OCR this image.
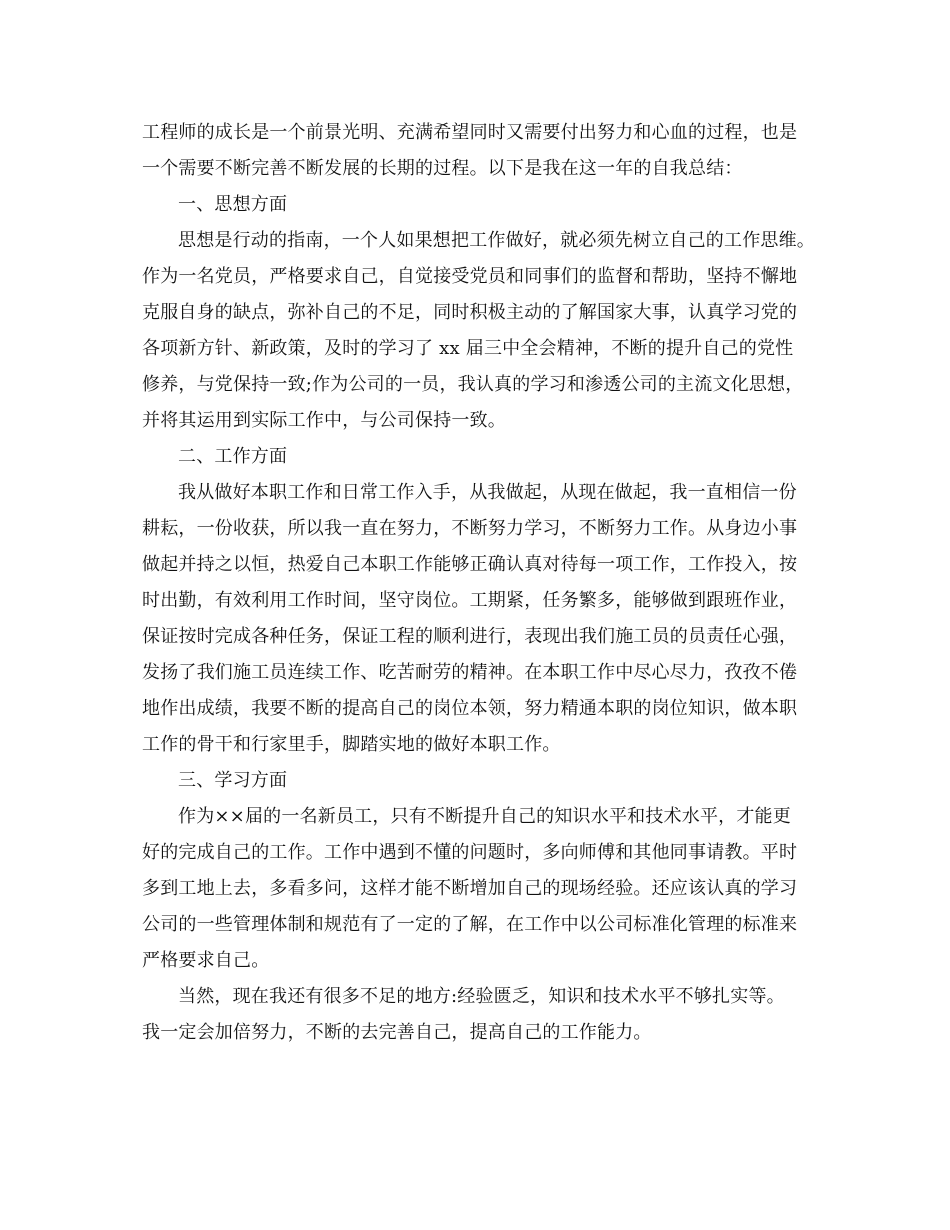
工程师的成长是一个前景光明、充满希望同时又需要付出努力和心血的过程，也是
一个需要不断完善不断发展的长期的过程。以下是我在这一年的自我总结：
一、思想方面
思想是行动的指南，一个人如果想把工作做好，就必须先树立自己的工作思维。
作为一名党员，严格要求自己，自觉接受党员和同事们的监督和帮助，坚持不懈地
克服自身的缺点，弥补自己的不足，同时积极主动的了解国家大事，认真学习党的
各项新方针、新政策，及时的学习了 xx 届三中全会精神，不断的提升自己的党性
修养，与党保持一致;作为公司的一员，我认真的学习和渗透公司的主流文化思想，
并将其运用到实际工作中，与公司保持一致。
二、工作方面
我从做好本职工作和日常工作入手，从我做起，从现在做起，我一直相信一份
耕耘，一份收获，所以我一直在努力，不断努力学习，不断努力工作。从身边小事
做起并持之以恒，热爱自己本职工作能够正确认真对待每一项工作，工作投入，按
时出勤，有效利用工作时间，坚守岗位。工期紧，任务繁多，能够做到跟班作业，
保证按时完成各种任务，保证工程的顺利进行，表现出我们施工员的员责任心强，
发扬了我们施工员连续工作、吃苦耐劳的精神。在本职工作中尽心尽力，孜孜不倦
地作出成绩，我要不断的提高自己的岗位本领，努力精通本职的岗位知识，做本职
工作的骨干和行家里手，脚踏实地的做好本职工作。
三、学习方面
作为××届的一名新员工，只有不断提升自己的知识水平和技术水平，才能更
好的完成自己的工作。工作中遇到不懂的问题时，多向师傅和其他同事请教。平时
多到工地上去，多看多问，这样才能不断增加自己的现场经验。还应该认真的学习
公司的一些管理体制和规范有了一定的了解，在工作中以公司标准化管理的标准来
严格要求自己。
当然，现在我还有很多不足的地方:经验匮乏，知识和技术水平不够扎实等。
我一定会加倍努力，不断的去完善自己，提高自己的工作能力。
